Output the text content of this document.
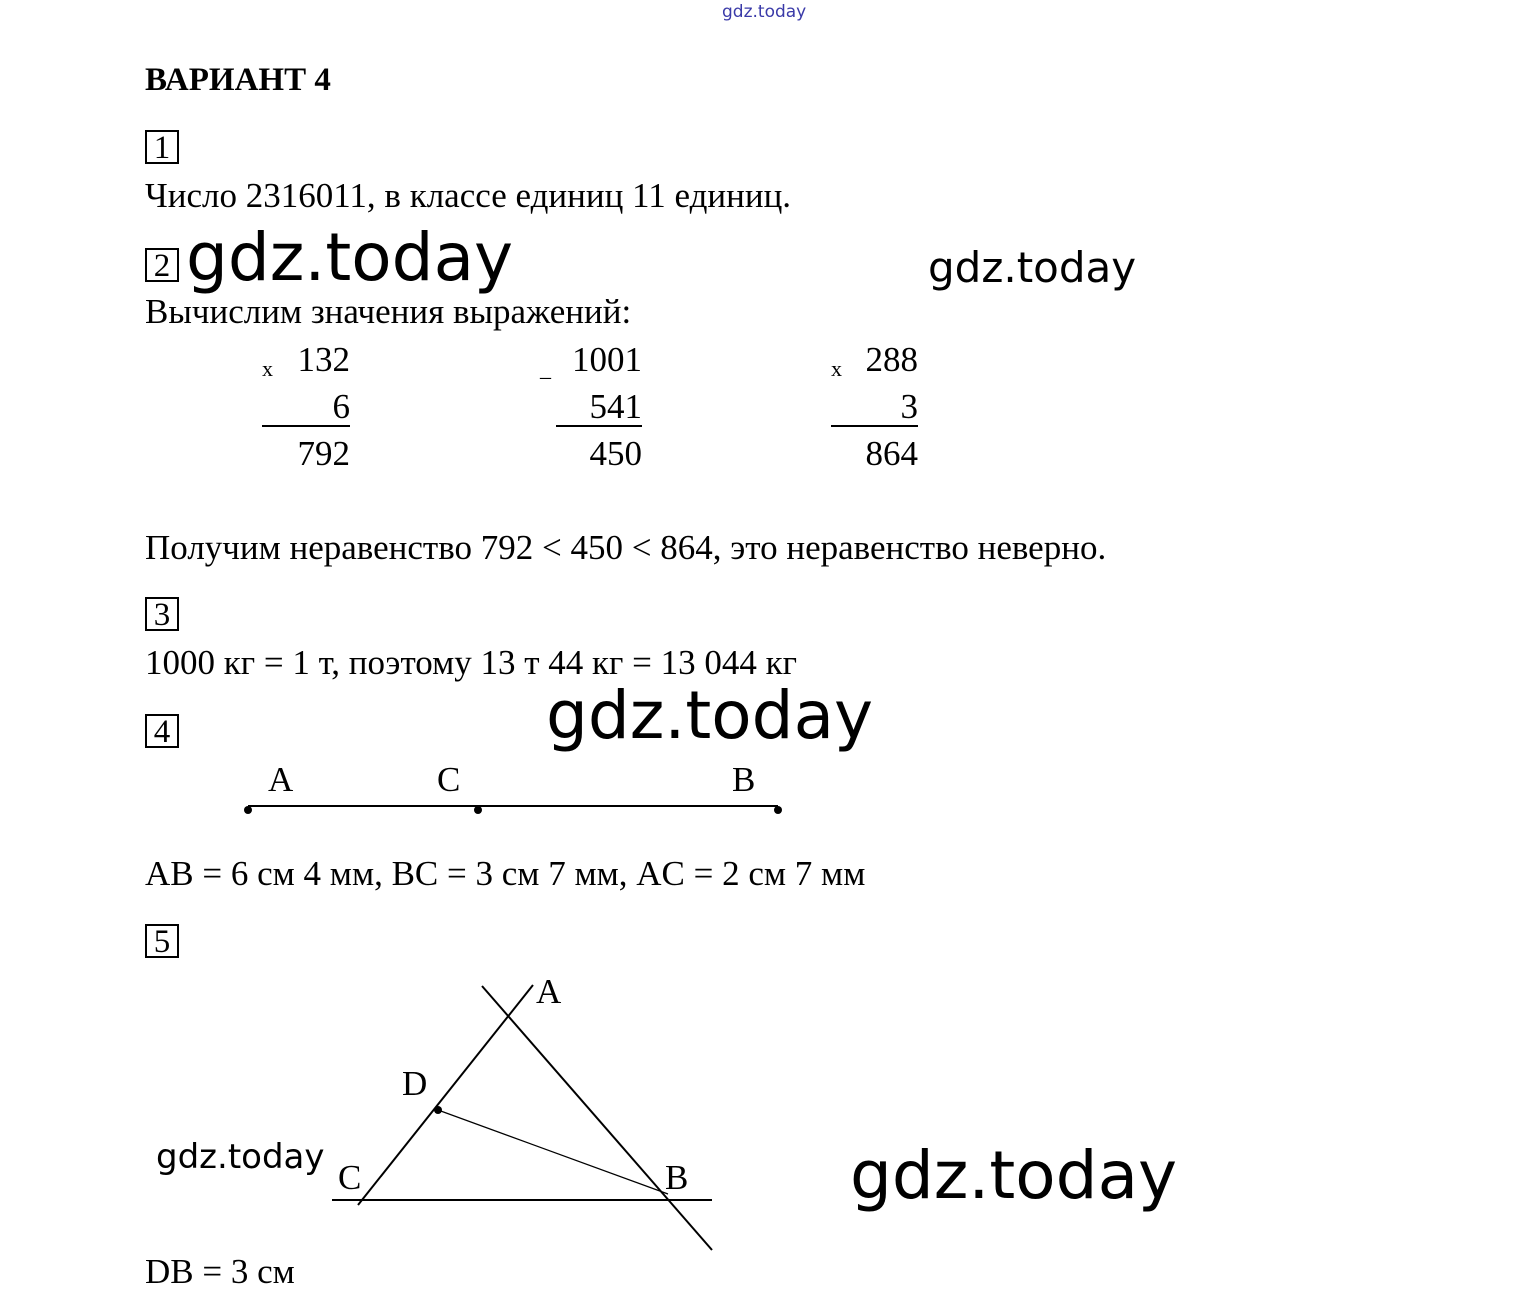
gdz.today
gdz.today	gdz.today
gdz.today
gdz.today	gdz.today
ВАРИАНТ 4
1
Число 2316011, в классе единиц 11 единиц.
2
Вычислим значения выражений:
x 132
6
792
_ 1001
541
450
x 288
3
864
Получим неравенство 792 < 450 < 864, это неравенство неверно.
3
1000 кг = 1 т, поэтому 13 т 44 кг = 13 044 кг
4
A	C	B
AB = 6 см 4 мм, BC = 3 см 7 мм, AC = 2 см 7 мм
5
A
D
C	B
DB = 3 см
